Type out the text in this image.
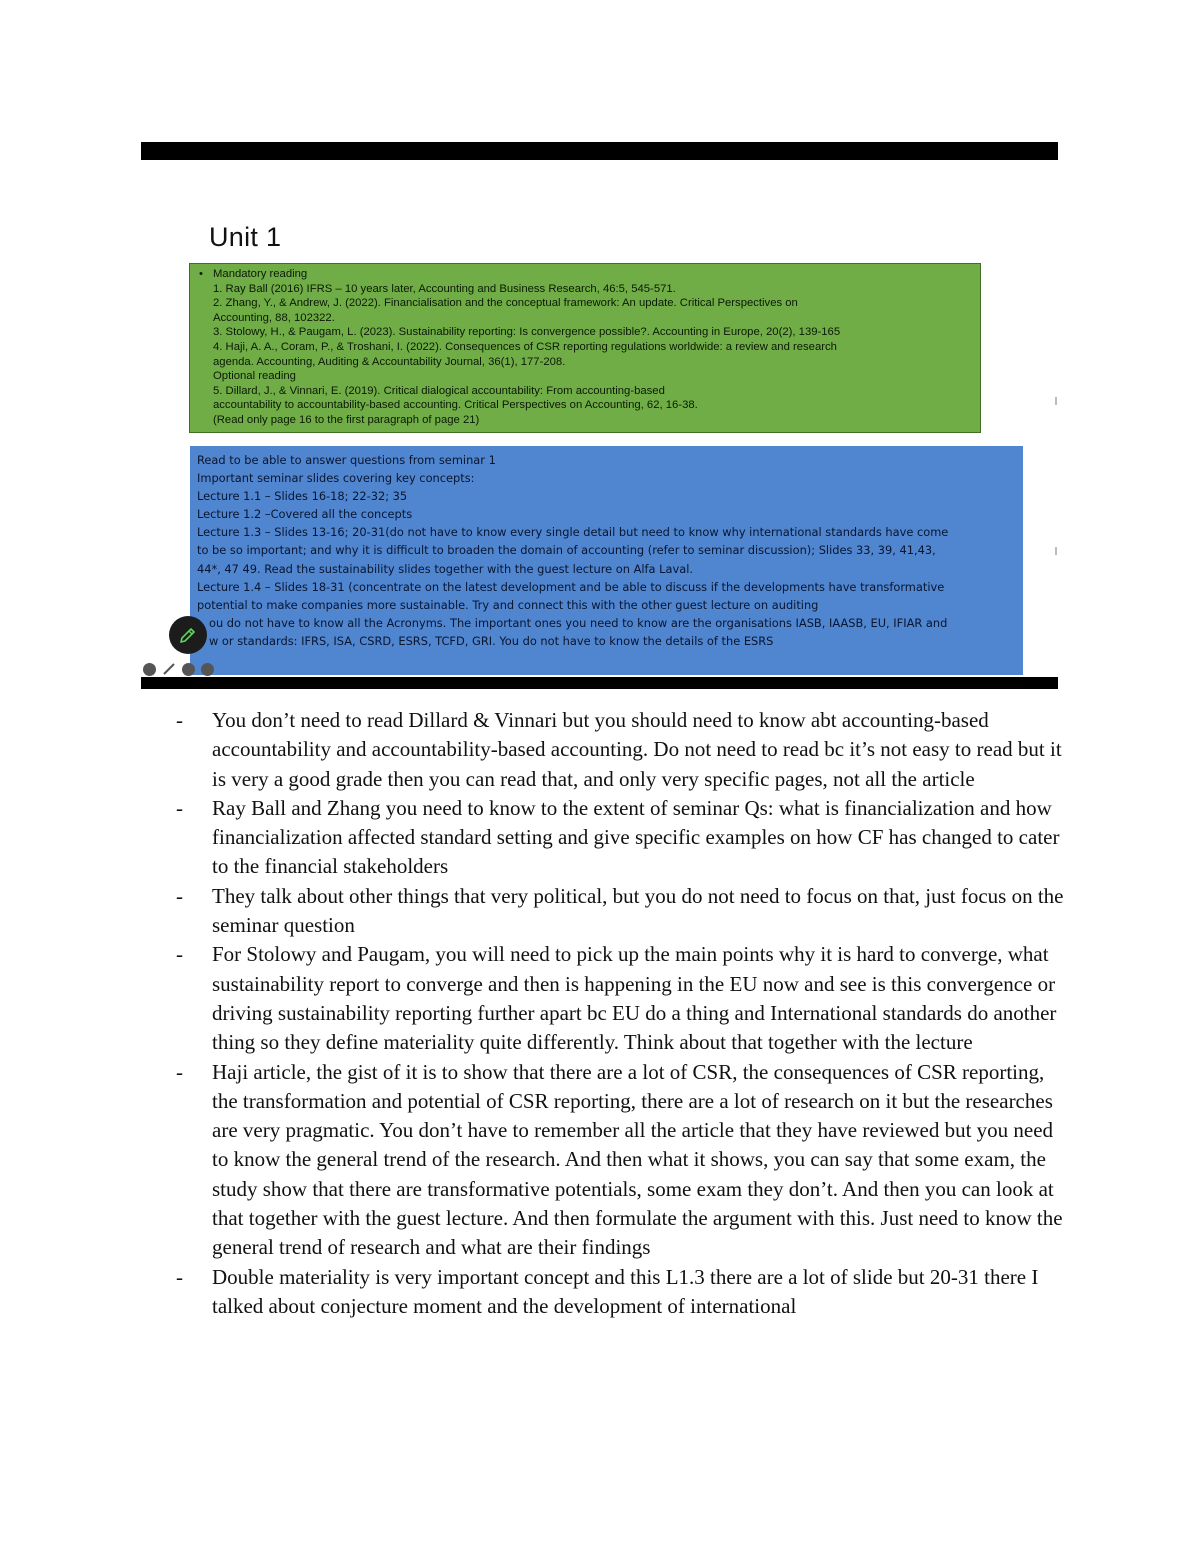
Unit 1
• Mandatory reading
1. Ray Ball (2016) IFRS – 10 years later, Accounting and Business Research, 46:5, 545-571.
2. Zhang, Y., & Andrew, J. (2022). Financialisation and the conceptual framework: An update. Critical Perspectives on
Accounting, 88, 102322.
3. Stolowy, H., & Paugam, L. (2023). Sustainability reporting: Is convergence possible?. Accounting in Europe, 20(2), 139-165
4. Haji, A. A., Coram, P., & Troshani, I. (2022). Consequences of CSR reporting regulations worldwide: a review and research
agenda. Accounting, Auditing & Accountability Journal, 36(1), 177-208.
Optional reading
5. Dillard, J., & Vinnari, E. (2019). Critical dialogical accountability: From accounting-based
accountability to accountability-based accounting. Critical Perspectives on Accounting, 62, 16-38.
(Read only page 16 to the first paragraph of page 21)
Read to be able to answer questions from seminar 1
Important seminar slides covering key concepts:
Lecture 1.1 – Slides 16-18; 22-32; 35
Lecture 1.2 –Covered all the concepts
Lecture 1.3 – Slides 13-16; 20-31(do not have to know every single detail but need to know why international standards have come
to be so important; and why it is difficult to broaden the domain of accounting (refer to seminar discussion); Slides 33, 39, 41,43,
44*, 47 49. Read the sustainability slides together with the guest lecture on Alfa Laval.
Lecture 1.4 – Slides 18-31 (concentrate on the latest development and be able to discuss if the developments have transformative
potential to make companies more sustainable. Try and connect this with the other guest lecture on auditing
ou do not have to know all the Acronyms. The important ones you need to know are the organisations IASB, IAASB, EU, IFIAR and
w or standards: IFRS, ISA, CSRD, ESRS, TCFD, GRI. You do not have to know the details of the ESRS
- You don’t need to read Dillard & Vinnari but you should need to know abt accounting-based accountability and accountability-based accounting. Do not need to read bc it’s not easy to read but it is very a good grade then you can read that, and only very specific pages, not all the article
- Ray Ball and Zhang you need to know to the extent of seminar Qs: what is financialization and how financialization affected standard setting and give specific examples on how CF has changed to cater to the financial stakeholders
- They talk about other things that very political, but you do not need to focus on that, just focus on the seminar question
- For Stolowy and Paugam, you will need to pick up the main points why it is hard to converge, what sustainability report to converge and then is happening in the EU now and see is this convergence or driving sustainability reporting further apart bc EU do a thing and International standards do another thing so they define materiality quite differently. Think about that together with the lecture
- Haji article, the gist of it is to show that there are a lot of CSR, the consequences of CSR reporting, the transformation and potential of CSR reporting, there are a lot of research on it but the researches are very pragmatic. You don’t have to remember all the article that they have reviewed but you need to know the general trend of the research. And then what it shows, you can say that some exam, the study show that there are transformative potentials, some exam they don’t. And then you can look at that together with the guest lecture. And then formulate the argument with this. Just need to know the general trend of research and what are their findings
- Double materiality is very important concept and this L1.3 there are a lot of slide but 20-31 there I talked about conjecture moment and the development of international
